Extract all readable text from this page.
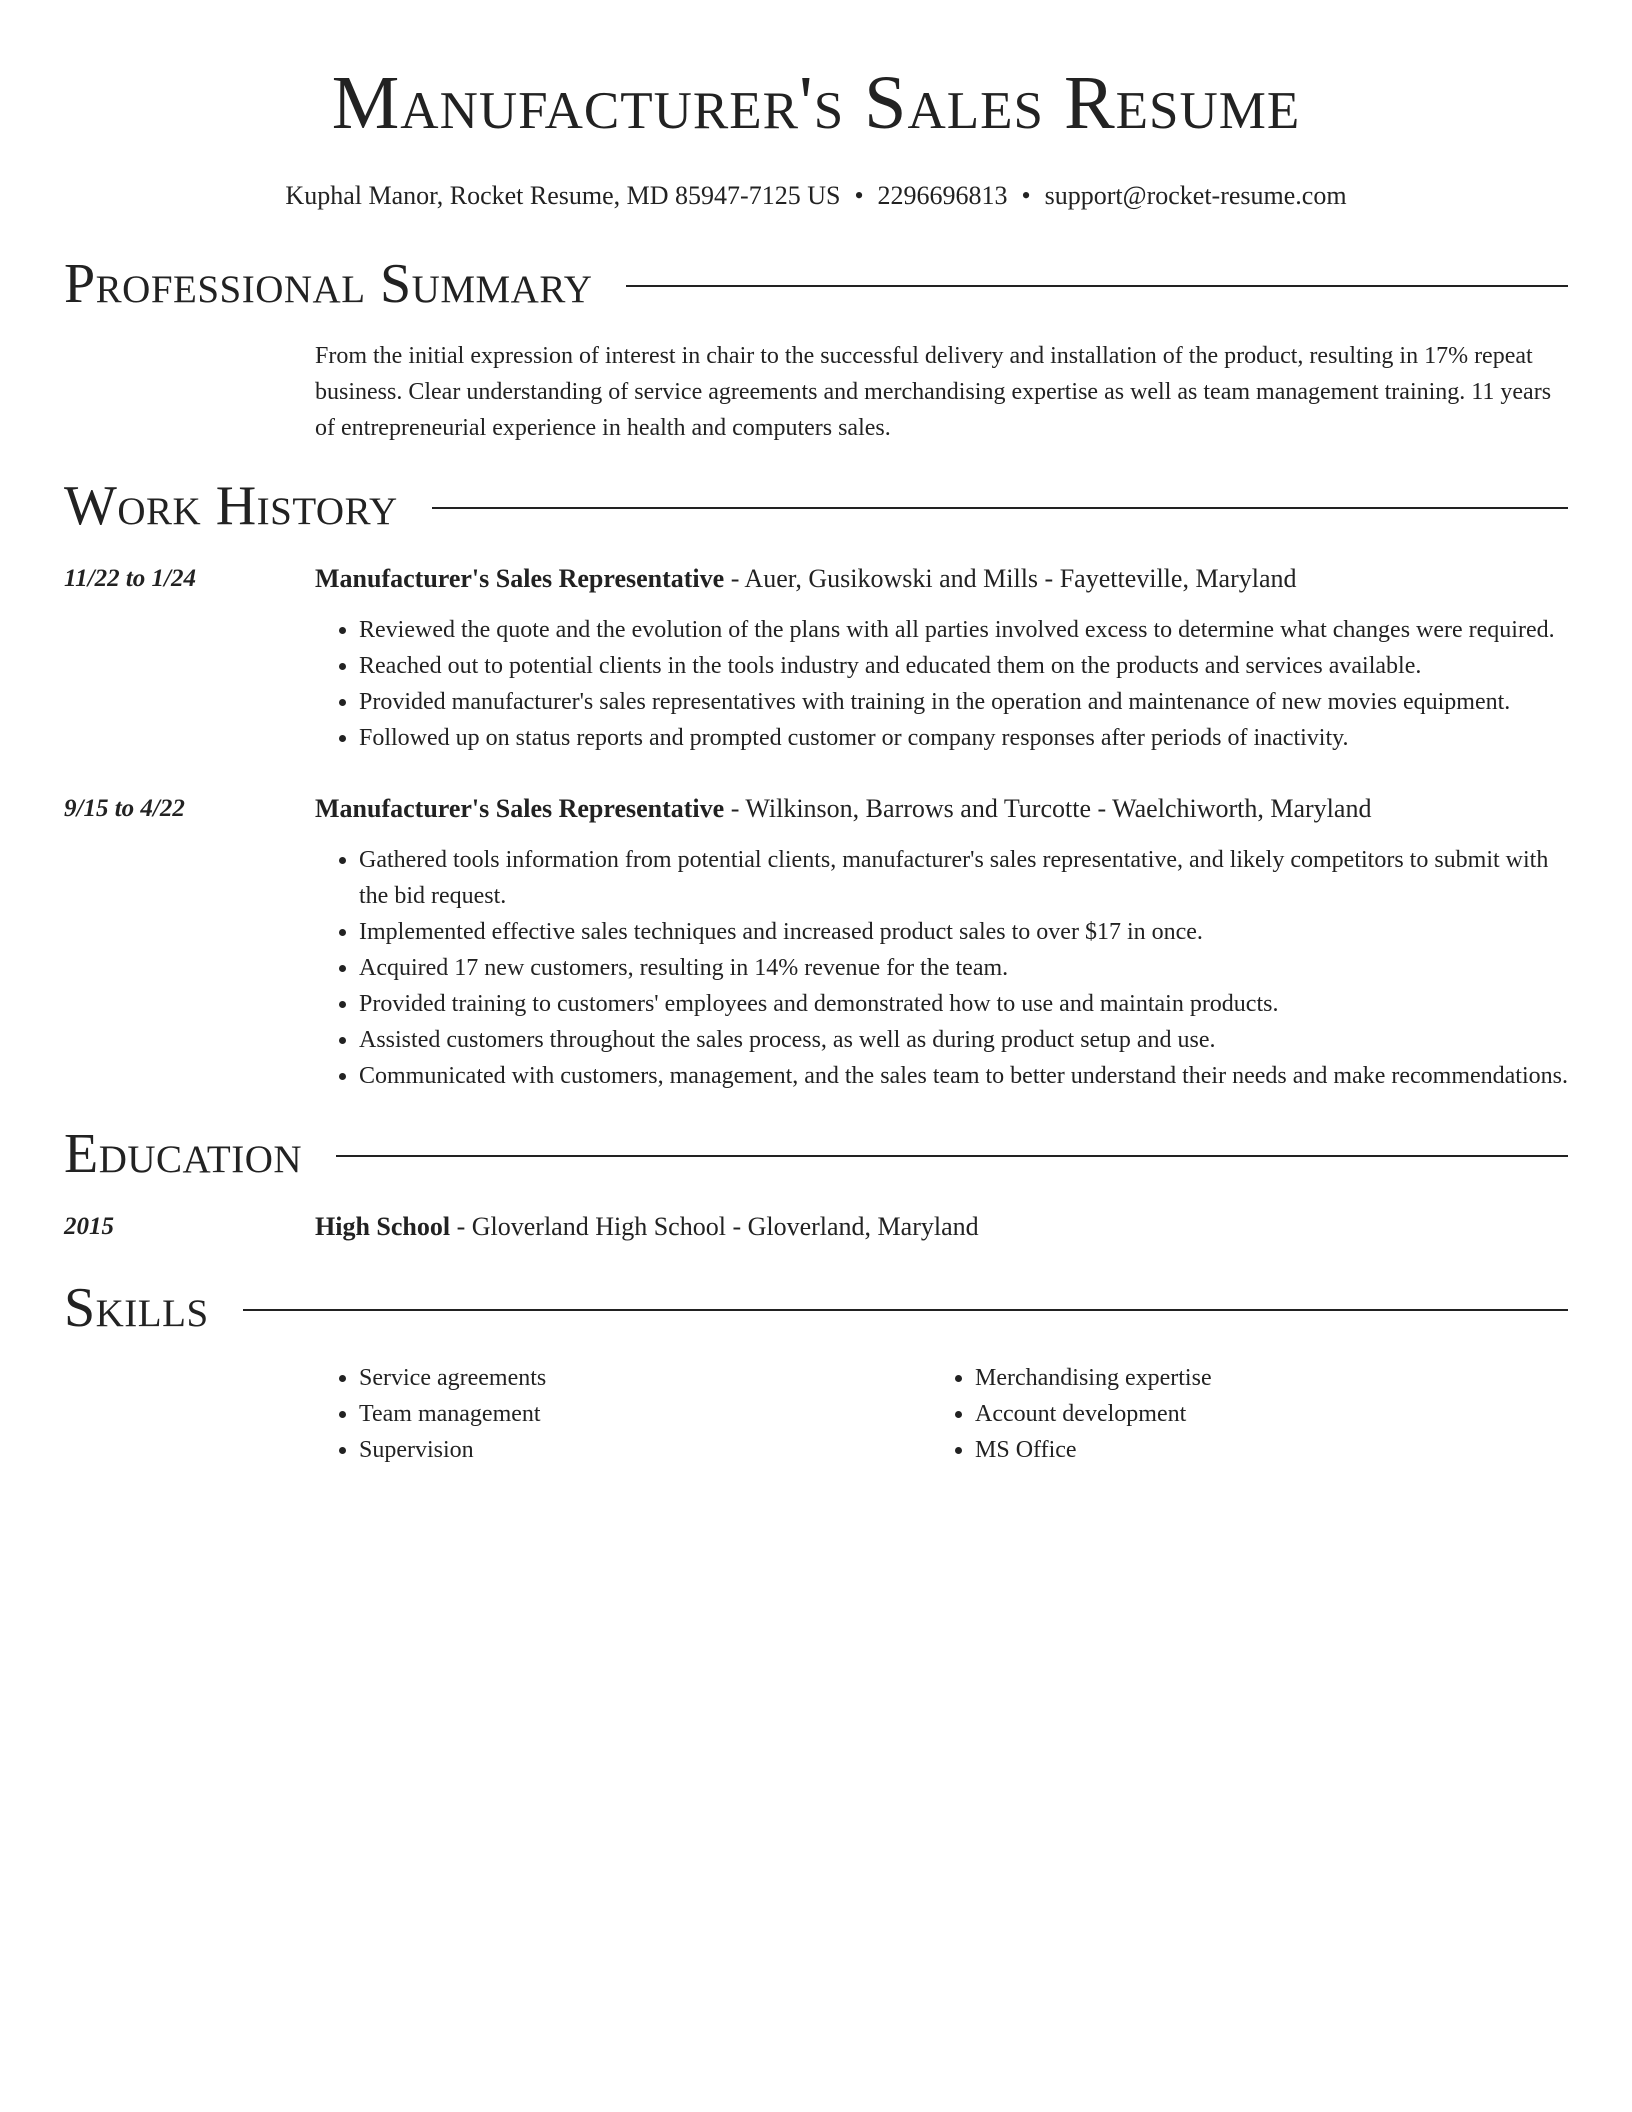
Manufacturer's Sales Resume
Kuphal Manor, Rocket Resume, MD 85947-7125 US • 2296696813 • support@rocket-resume.com
Professional Summary
From the initial expression of interest in chair to the successful delivery and installation of the product, resulting in 17% repeat business. Clear understanding of service agreements and merchandising expertise as well as team management training. 11 years of entrepreneurial experience in health and computers sales.
Work History
11/22 to 1/24	Manufacturer's Sales Representative - Auer, Gusikowski and Mills - Fayetteville, Maryland
• Reviewed the quote and the evolution of the plans with all parties involved excess to determine what changes were required.
• Reached out to potential clients in the tools industry and educated them on the products and services available.
• Provided manufacturer's sales representatives with training in the operation and maintenance of new movies equipment.
• Followed up on status reports and prompted customer or company responses after periods of inactivity.
9/15 to 4/22	Manufacturer's Sales Representative - Wilkinson, Barrows and Turcotte - Waelchiworth, Maryland
• Gathered tools information from potential clients, manufacturer's sales representative, and likely competitors to submit with the bid request.
• Implemented effective sales techniques and increased product sales to over $17 in once.
• Acquired 17 new customers, resulting in 14% revenue for the team.
• Provided training to customers' employees and demonstrated how to use and maintain products.
• Assisted customers throughout the sales process, as well as during product setup and use.
• Communicated with customers, management, and the sales team to better understand their needs and make recommendations.
Education
2015	High School - Gloverland High School - Gloverland, Maryland
Skills
• Service agreements
• Team management
• Supervision
• Merchandising expertise
• Account development
• MS Office
